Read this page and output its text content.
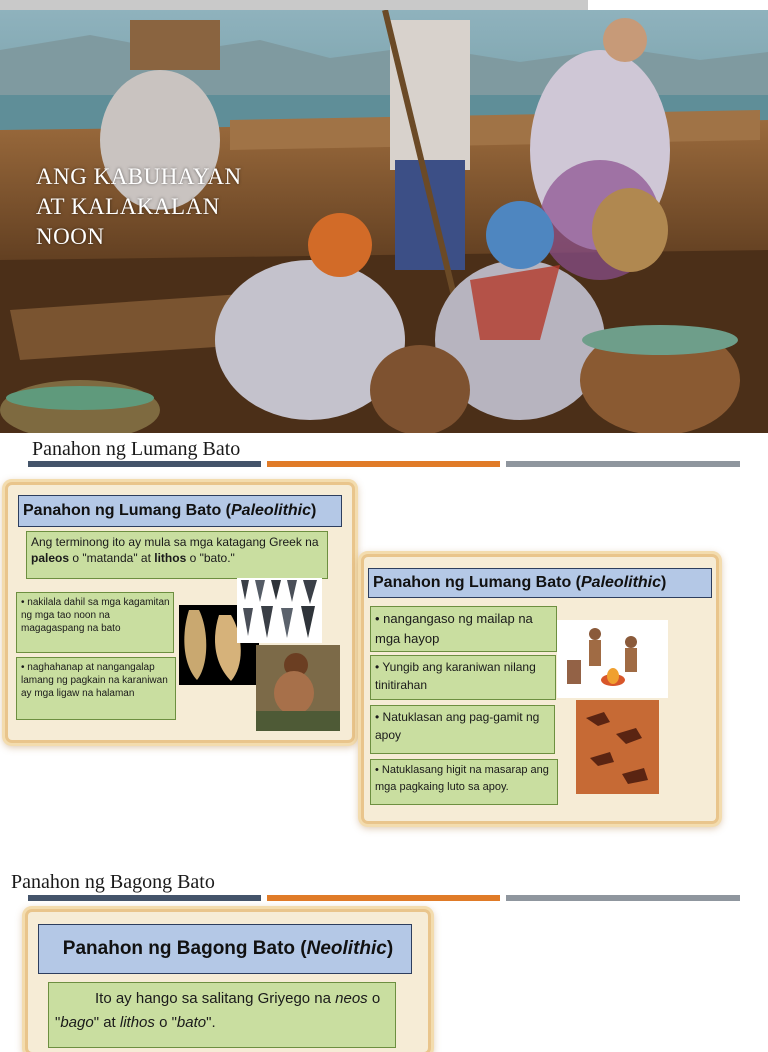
ANG KABUHAYAN
AT KALAKALAN
NOON
Panahon ng Lumang Bato
Panahon ng Lumang Bato ( Paleolithic )
Ang terminong ito ay mula sa mga katagang Greek na paleos o "matanda" at lithos o "bato."
• nakilala dahil sa mga kagamitan ng mga tao noon na magagaspang na bato
• naghahanap at nangangalap lamang ng pagkain na karaniwan ay mga ligaw na halaman
Panahon ng Lumang Bato ( Paleolithic )
• nangangaso ng mailap na mga hayop
• Yungib ang karaniwan nilang tinitirahan
• Natuklasan ang pag-gamit ng apoy
• Natuklasang higit na masarap ang mga pagkaing luto sa apoy.
Panahon ng Bagong Bato
Panahon ng Bagong Bato ( Neolithic )
Ito ay hango sa salitang Griyego na neos o "bago" at lithos o "bato".
